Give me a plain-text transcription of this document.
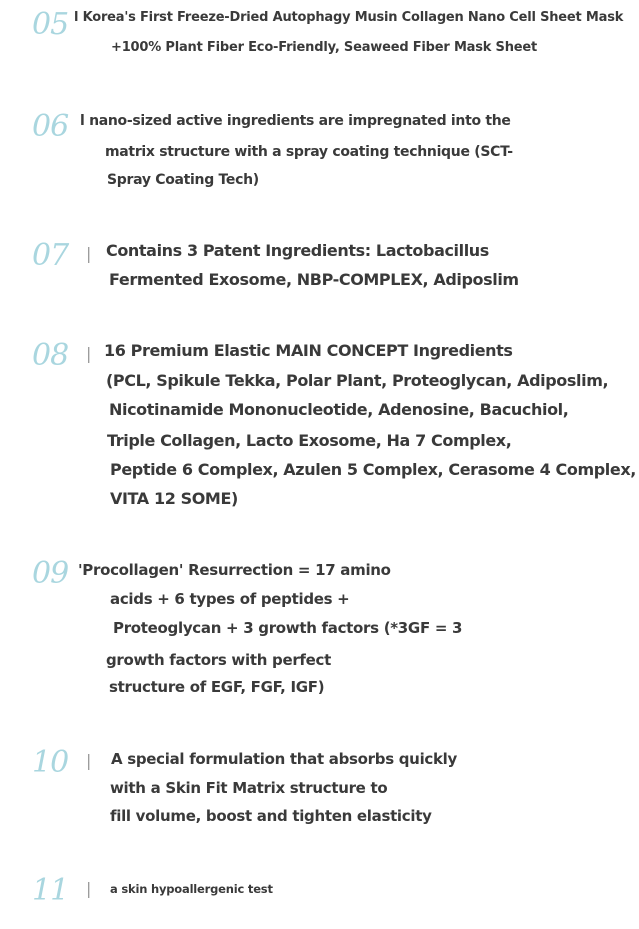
05 l Korea's First Freeze-Dried Autophagy Musin Collagen Nano Cell Sheet Mask
+100% Plant Fiber Eco-Friendly, Seaweed Fiber Mask Sheet
06 l nano-sized active ingredients are impregnated into the
matrix structure with a spray coating technique (SCT-
Spray Coating Tech)
07 | Contains 3 Patent Ingredients: Lactobacillus
Fermented Exosome, NBP-COMPLEX, Adiposlim
08 | 16 Premium Elastic MAIN CONCEPT Ingredients
(PCL, Spikule Tekka, Polar Plant, Proteoglycan, Adiposlim,
Nicotinamide Mononucleotide, Adenosine, Bacuchiol,
Triple Collagen, Lacto Exosome, Ha 7 Complex,
Peptide 6 Complex, Azulen 5 Complex, Cerasome 4 Complex,
VITA 12 SOME)
09 'Procollagen' Resurrection = 17 amino
acids + 6 types of peptides +
Proteoglycan + 3 growth factors (*3GF = 3
growth factors with perfect
structure of EGF, FGF, IGF)
10 | A special formulation that absorbs quickly
with a Skin Fit Matrix structure to
fill volume, boost and tighten elasticity
11 | a skin hypoallergenic test
